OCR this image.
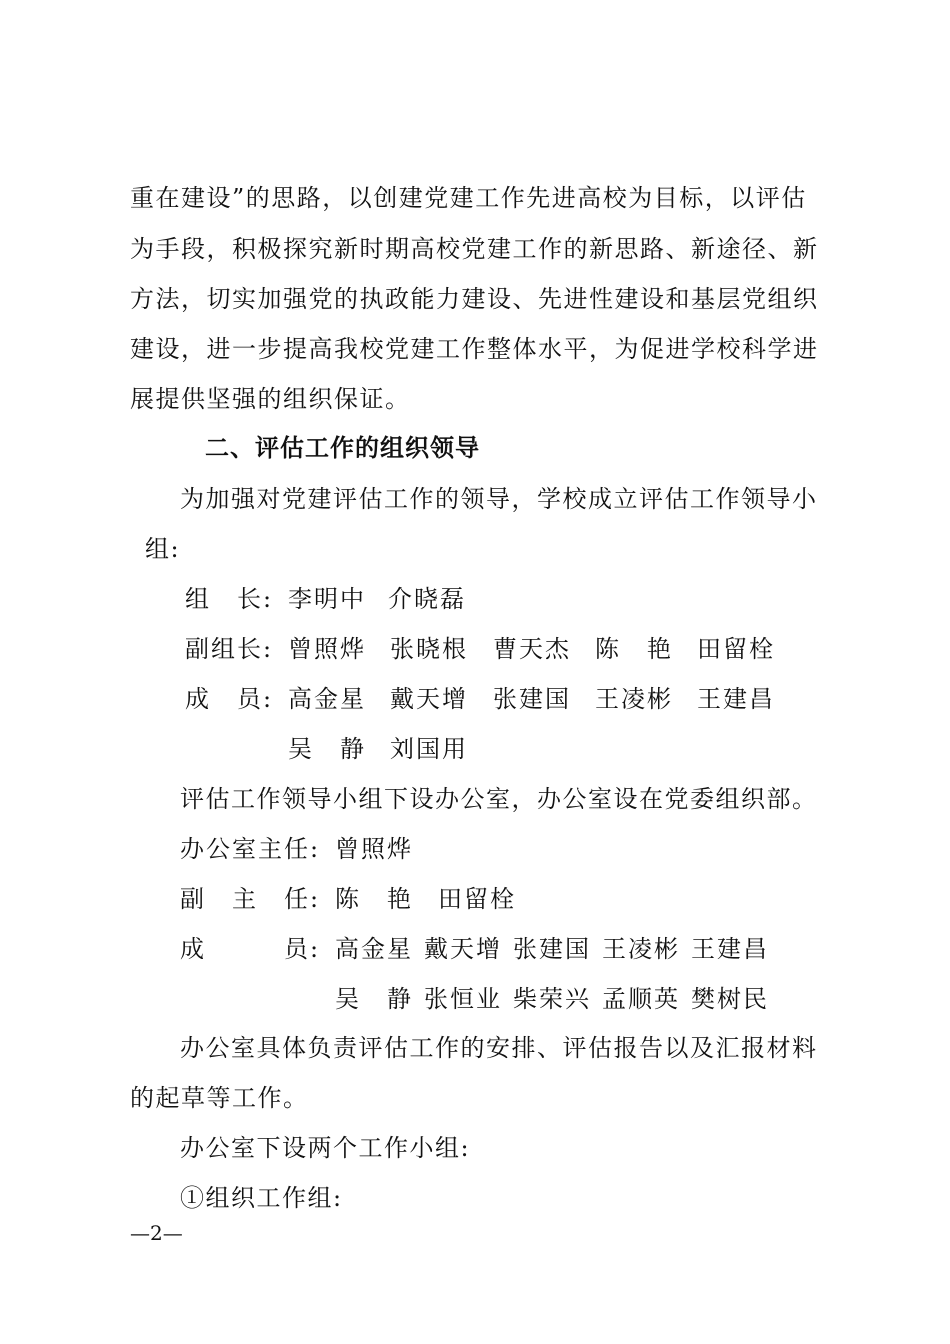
重在建设”的思路，以创建党建工作先进高校为目标，以评估

为手段，积极探究新时期高校党建工作的新思路、新途径、新

方法，切实加强党的执政能力建设、先进性建设和基层党组织

建设，进一步提高我校党建工作整体水平，为促进学校科学进

展提供坚强的组织保证。

二、评估工作的组织领导

为加强对党建评估工作的领导，学校成立评估工作领导小

组:

组　长: 李明中 介晓磊
副组长: 曾照烨 张晓根 曹天杰 陈　艳 田留栓
成　员: 高金星 戴天增 张建国 王凌彬 王建昌
吴　静 刘国用

评估工作领导小组下设办公室，办公室设在党委组织部。

办公室主任: 曾照烨
副　主　任: 陈　艳 田留栓
成　　　员: 高金星 戴天增 张建国 王凌彬 王建昌
吴　静 张恒业 柴荣兴 孟顺英 樊树民

办公室具体负责评估工作的安排、评估报告以及汇报材料

的起草等工作。

办公室下设两个工作小组:

①组织工作组:

—2—
